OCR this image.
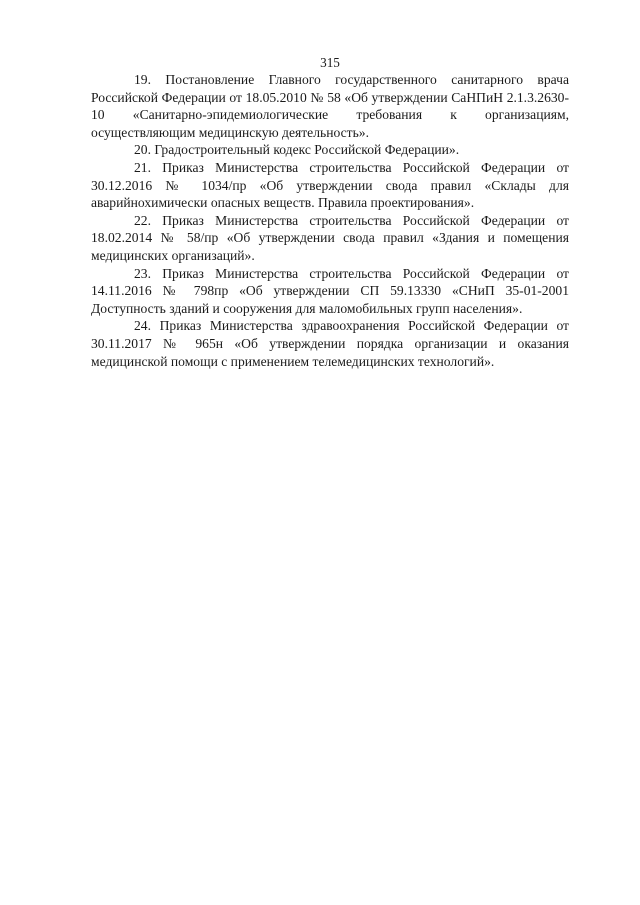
315

19. Постановление Главного государственного санитарного врача Российской Федерации от 18.05.2010 № 58 «Об утверждении СаНПиН 2.1.3.2630-10 «Санитарно-эпидемиологические требования к организациям, осуществляющим медицинскую деятельность».

20. Градостроительный кодекс Российской Федерации».

21. Приказ Министерства строительства Российской Федерации от 30.12.2016 № 1034/пр «Об утверждении свода правил «Склады для аварийнохимически опасных веществ. Правила проектирования».

22. Приказ Министерства строительства Российской Федерации от 18.02.2014 № 58/пр «Об утверждении свода правил «Здания и помещения медицинских организаций».

23. Приказ Министерства строительства Российской Федерации от 14.11.2016 № 798пр «Об утверждении СП 59.13330 «СНиП 35-01-2001 Доступность зданий и сооружения для маломобильных групп населения».

24. Приказ Министерства здравоохранения Российской Федерации от 30.11.2017 № 965н «Об утверждении порядка организации и оказания медицинской помощи с применением телемедицинских технологий».
